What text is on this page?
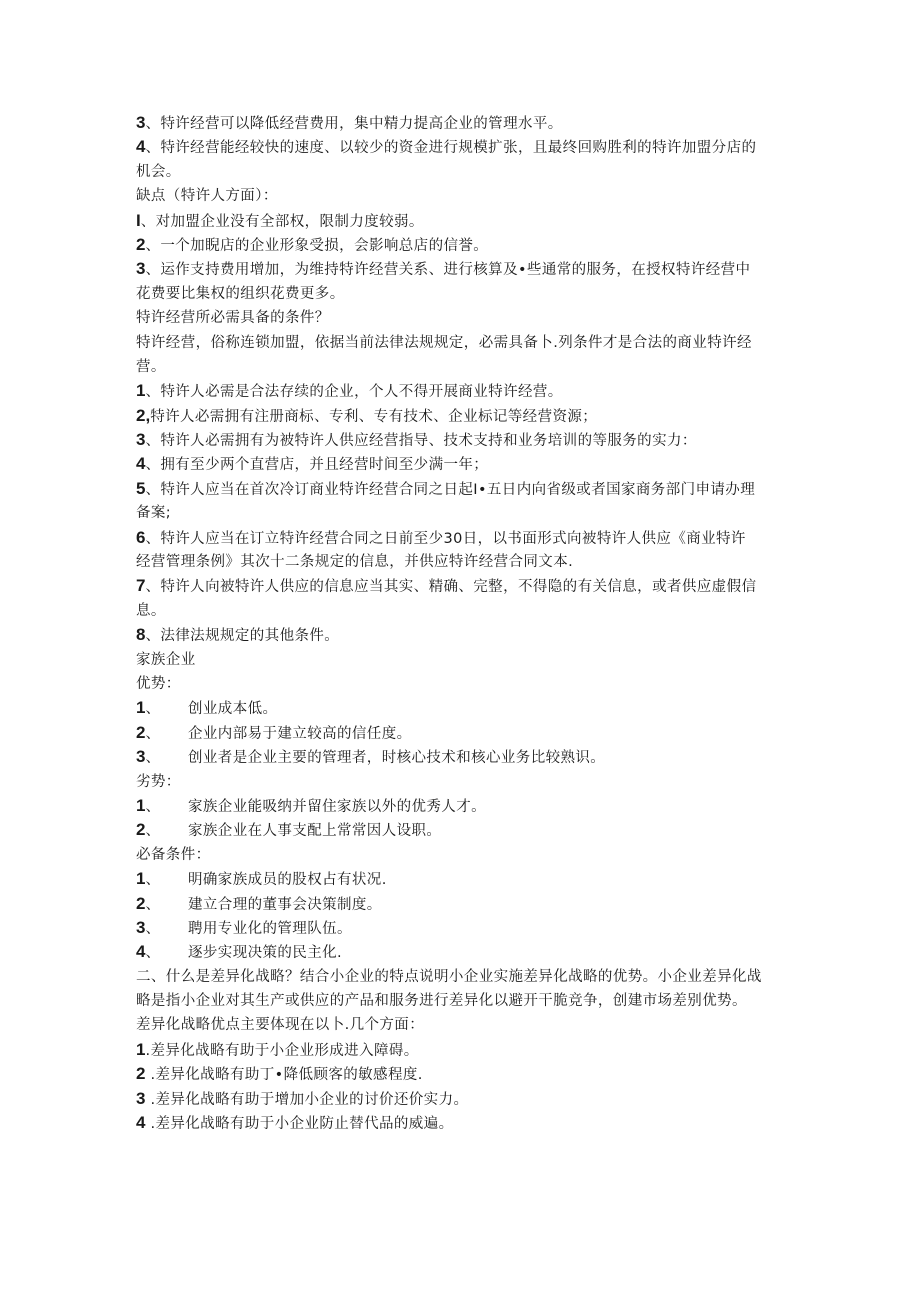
3、特许经营可以降低经营费用，集中精力提高企业的管理水平。
4、特许经营能经较快的速度、以较少的资金进行规模扩张，且最终回购胜利的特许加盟分店的
机会。
缺点（特许人方面）：
I、对加盟企业没有全部权，限制力度较弱。
2、一个加睨店的企业形象受损，会影响总店的信誉。
3、运作支持费用增加，为维持特许经营关系、进行核算及•些通常的服务，在授权特许经营中
花费要比集权的组织花费更多。
特许经营所必需具备的条件？
特许经营，俗称连锁加盟，依据当前法律法规规定，必需具备卜.列条件才是合法的商业特许经
营。
1、特许人必需是合法存续的企业，个人不得开展商业特许经营。
2,特许人必需拥有注册商标、专利、专有技术、企业标记等经营资源；
3、特许人必需拥有为被特许人供应经营指导、技术支持和业务培训的等服务的实力：
4、拥有至少两个直营店，并且经营时间至少满一年；
5、特许人应当在首次冷订商业特许经营合同之日起I•五日内向省级或者国家商务部门申请办理
备案;
6、特许人应当在订立特许经营合同之日前至少30日，以书面形式向被特许人供应《商业特许
经营管理条例》其次十二条规定的信息，并供应特许经营合同文本.
7、特许人向被特许人供应的信息应当其实、精确、完整，不得隐的有关信息，或者供应虚假信
息。
8、法律法规规定的其他条件。
家族企业
优势：
1、 创业成本低。
2、 企业内部易于建立较高的信任度。
3、 创业者是企业主要的管理者，时核心技术和核心业务比较熟识。
劣势：
1、 家族企业能吸纳并留住家族以外的优秀人才。
2、 家族企业在人事支配上常常因人设职。
必备条件：
1、 明确家族成员的股权占有状况.
2、 建立合理的董事会决策制度。
3、 聘用专业化的管理队伍。
4、 逐步实现决策的民主化.
二、什么是差异化战略？结合小企业的特点说明小企业实施差异化战略的优势。小企业差异化战
略是指小企业对其生产或供应的产品和服务进行差异化以避开干脆竞争，创建市场差别优势。
差异化战略优点主要体现在以卜.几个方面：
1.差异化战略有助于小企业形成进入障碍。
2 .差异化战略有助丁•降低顾客的敏感程度.
3 .差异化战略有助于增加小企业的讨价还价实力。
4 .差异化战略有助于小企业防止替代品的威遍。
